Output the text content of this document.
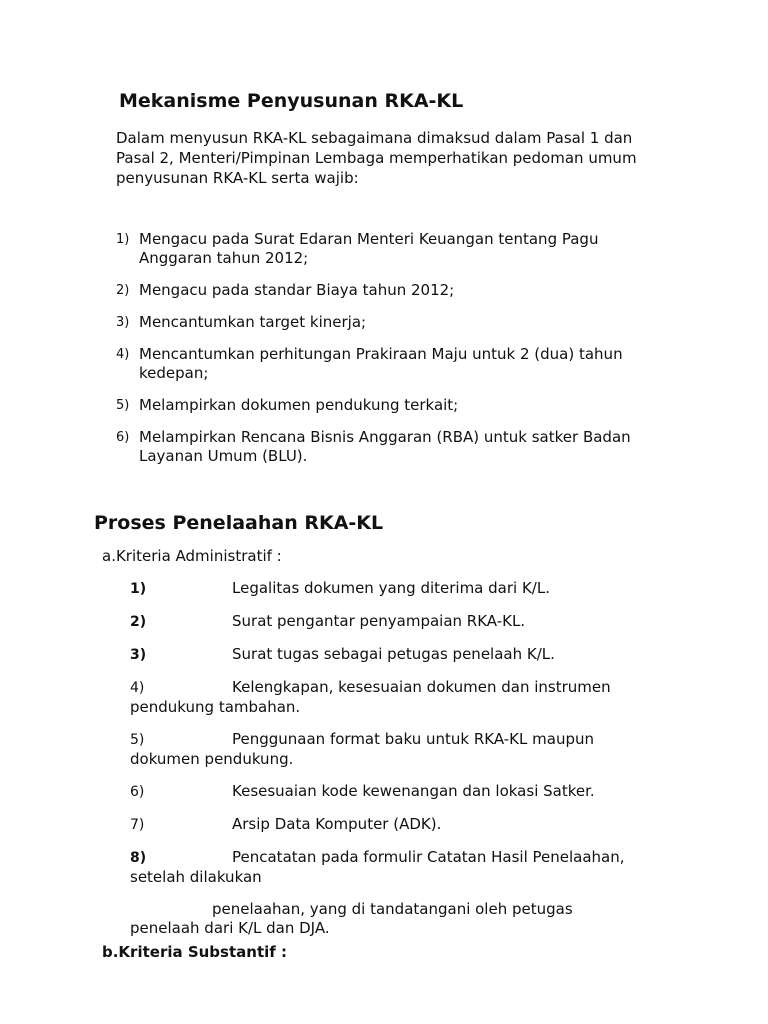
Mekanisme Penyusunan RKA-KL

Dalam menyusun RKA-KL sebagaimana dimaksud dalam Pasal 1 dan
Pasal 2, Menteri/Pimpinan Lembaga memperhatikan pedoman umum
penyusunan RKA-KL serta wajib:

1) Mengacu pada Surat Edaran Menteri Keuangan tentang Pagu
Anggaran tahun 2012;
2) Mengacu pada standar Biaya tahun 2012;
3) Mencantumkan target kinerja;
4) Mencantumkan perhitungan Prakiraan Maju untuk 2 (dua) tahun
kedepan;
5) Melampirkan dokumen pendukung terkait;
6) Melampirkan Rencana Bisnis Anggaran (RBA) untuk satker Badan
Layanan Umum (BLU).
Proses Penelaahan RKA-KL

a.Kriteria Administratif :

1)	Legalitas dokumen yang diterima dari K/L.
2)	Surat pengantar penyampaian RKA-KL.
3)	Surat tugas sebagai petugas penelaah K/L.
4)	Kelengkapan, kesesuaian dokumen dan instrumen
pendukung tambahan.
5)	Penggunaan format baku untuk RKA-KL maupun
dokumen pendukung.
6)	Kesesuaian kode kewenangan dan lokasi Satker.
7)	Arsip Data Komputer (ADK).
8)	Pencatatan pada formulir Catatan Hasil Penelaahan,
setelah dilakukan
penelaahan, yang di tandatangani oleh petugas
penelaah dari K/L dan DJA.

b.Kriteria Substantif :
